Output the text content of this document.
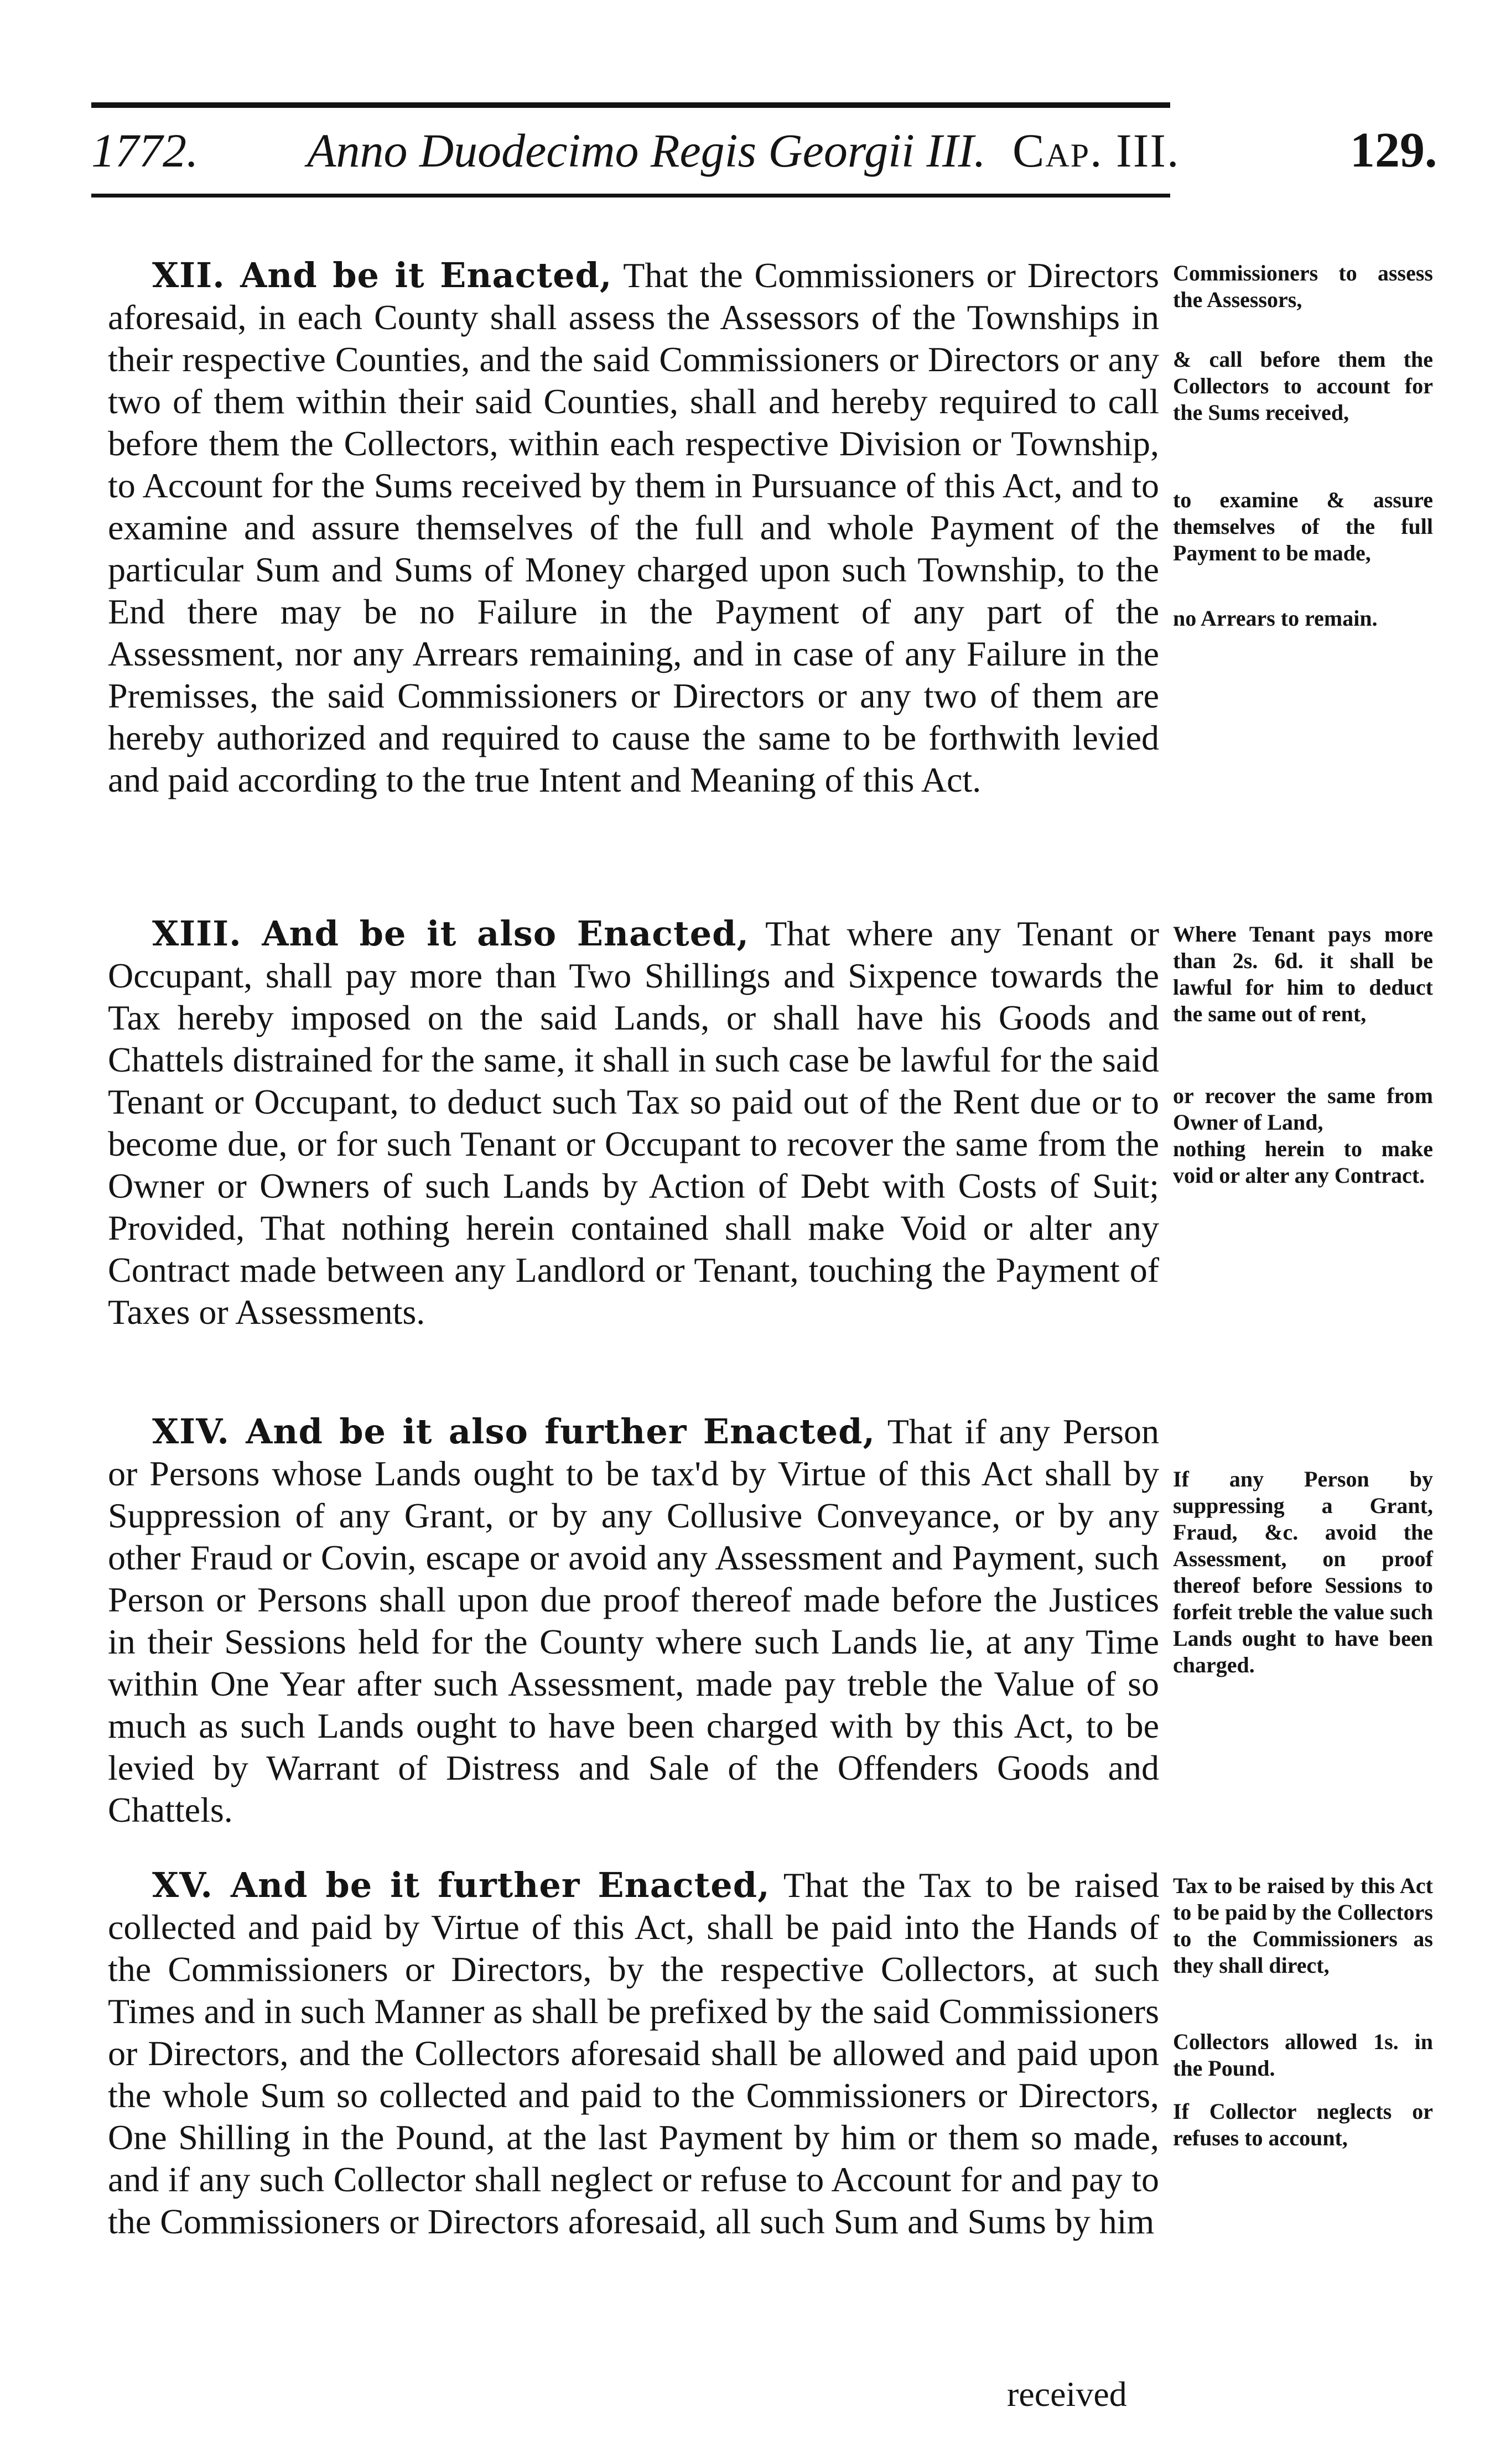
1772. Anno Duodecimo Regis Georgii III. Cap. III.	129.

XII. And be it Enacted, That the Commissioners or Directors aforesaid, in each County shall assess the Assessors of the Townships in their respective Counties, and the said Commissioners or Directors or any two of them within their said Counties, shall and hereby required to call before them the Collectors, within each respective Division or Township, to Account for the Sums received by them in Pursuance of this Act, and to examine and assure themselves of the full and whole Payment of the particular Sum and Sums of Money charged upon such Township, to the End there may be no Failure in the Payment of any part of the Assessment, nor any Arrears remaining, and in case of any Failure in the Premisses, the said Commissioners or Directors or any two of them are hereby authorized and required to cause the same to be forthwith levied and paid according to the true Intent and Meaning of this Act.

Commissioners to assess the Assessors,

& call before them the Collectors to account for the Sums received,

to examine & assure themselves of the full Payment to be made,

no Arrears to remain.

XIII. And be it also Enacted, That where any Tenant or Occupant, shall pay more than Two Shillings and Sixpence towards the Tax hereby imposed on the said Lands, or shall have his Goods and Chattels distrained for the same, it shall in such case be lawful for the said Tenant or Occupant, to deduct such Tax so paid out of the Rent due or to become due, or for such Tenant or Occupant to recover the same from the Owner or Owners of such Lands by Action of Debt with Costs of Suit; Provided, That nothing herein contained shall make Void or alter any Contract made between any Landlord or Tenant, touching the Payment of Taxes or Assessments.

Where Tenant pays more than 2s. 6d. it shall be lawful for him to deduct the same out of rent,

or recover the same from Owner of Land,

nothing herein to make void or alter any Contract.

XIV. And be it also further Enacted, That if any Person or Persons whose Lands ought to be tax'd by Virtue of this Act shall by Suppression of any Grant, or by any Collusive Conveyance, or by any other Fraud or Covin, escape or avoid any Assessment and Payment, such Person or Persons shall upon due proof thereof made before the Justices in their Sessions held for the County where such Lands lie, at any Time within One Year after such Assessment, made pay treble the Value of so much as such Lands ought to have been charged with by this Act, to be levied by Warrant of Distress and Sale of the Offenders Goods and Chattels.

If any Person by suppressing a Grant, Fraud, &c. avoid the Assessment, on proof thereof before Sessions to forfeit treble the value such Lands ought to have been charged.

XV. And be it further Enacted, That the Tax to be raised collected and paid by Virtue of this Act, shall be paid into the Hands of the Commissioners or Directors, by the respective Collectors, at such Times and in such Manner as shall be prefixed by the said Commissioners or Directors, and the Collectors aforesaid shall be allowed and paid upon the whole Sum so collected and paid to the Commissioners or Directors, One Shilling in the Pound, at the last Payment by him or them so made, and if any such Collector shall neglect or refuse to Account for and pay to the Commissioners or Directors aforesaid, all such Sum and Sums by him

Tax to be raised by this Act to be paid by the Collectors to the Commissioners as they shall direct,

Collectors allowed 1s. in the Pound.

If Collector neglects or refuses to account,

received
